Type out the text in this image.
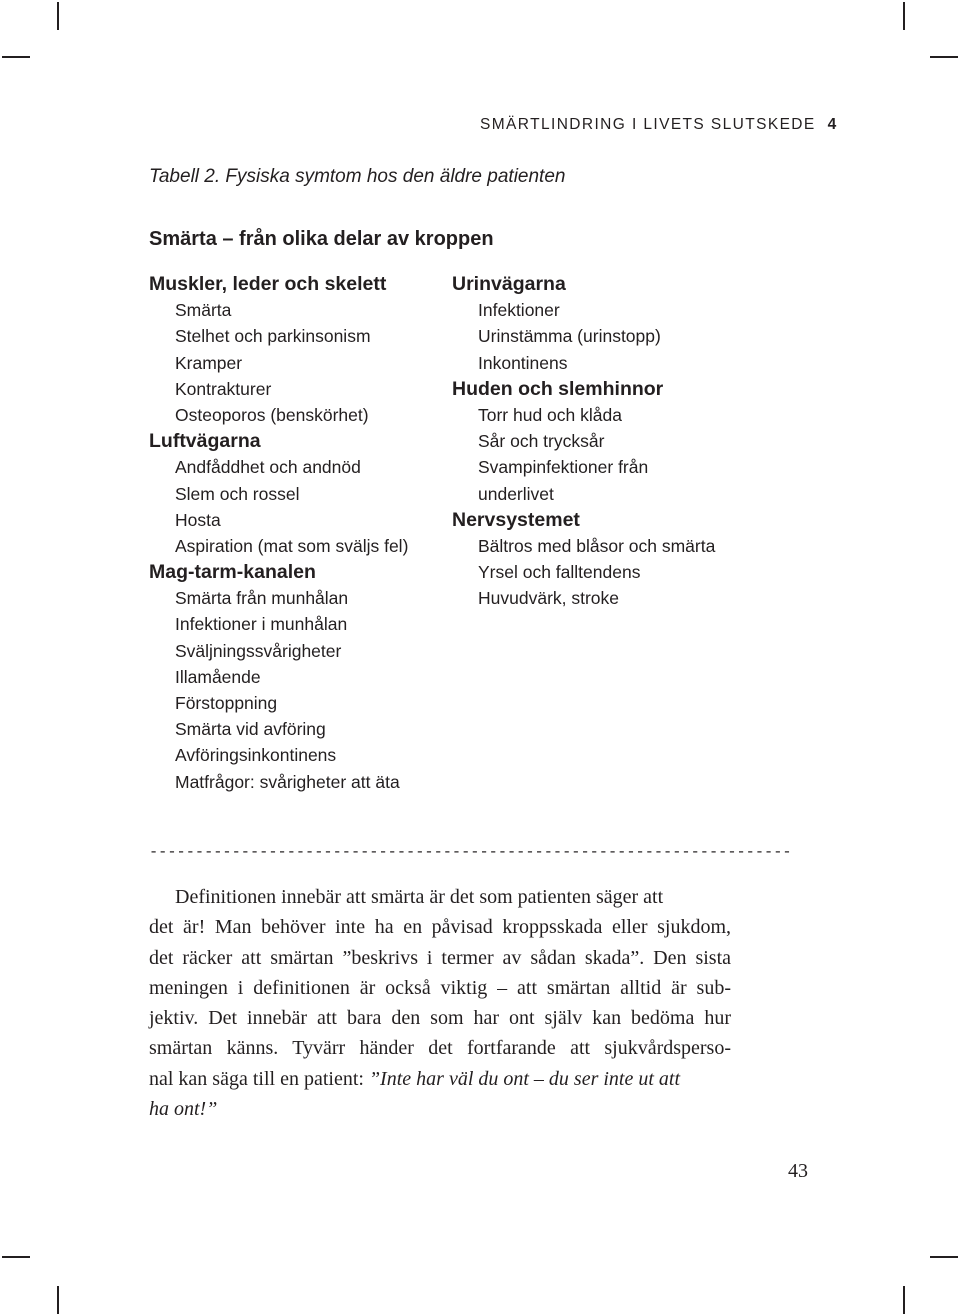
SMÄRTLINDRING I LIVETS SLUTSKEDE 4
Tabell 2. Fysiska symtom hos den äldre patienten
Smärta – från olika delar av kroppen
Muskler, leder och skelett
Smärta
Stelhet och parkinsonism
Kramper
Kontrakturer
Osteoporos (benskörhet)
Luftvägarna
Andfåddhet och andnöd
Slem och rossel
Hosta
Aspiration (mat som sväljs fel)
Mag-tarm-kanalen
Smärta från munhålan
Infektioner i munhålan
Sväljningssvårigheter
Illamående
Förstoppning
Smärta vid avföring
Avföringsinkontinens
Matfrågor: svårigheter att äta
Urinvägarna
Infektioner
Urinstämma (urinstopp)
Inkontinens
Huden och slemhinnor
Torr hud och klåda
Sår och trycksår
Svampinfektioner från
underlivet
Nervsystemet
Bältros med blåsor och smärta
Yrsel och falltendens
Huvudvärk, stroke
----------------------------------------------------------------------
Definitionen innebär att smärta är det som patienten säger att
det är! Man behöver inte ha en påvisad kroppsskada eller sjukdom,
det räcker att smärtan ”beskrivs i termer av sådan skada”. Den sista
meningen i definitionen är också viktig – att smärtan alltid är sub-
jektiv. Det innebär att bara den som har ont själv kan bedöma hur
smärtan känns. Tyvärr händer det fortfarande att sjukvårdsperso-
nal kan säga till en patient: ”Inte har väl du ont – du ser inte ut att
ha ont!”
43
